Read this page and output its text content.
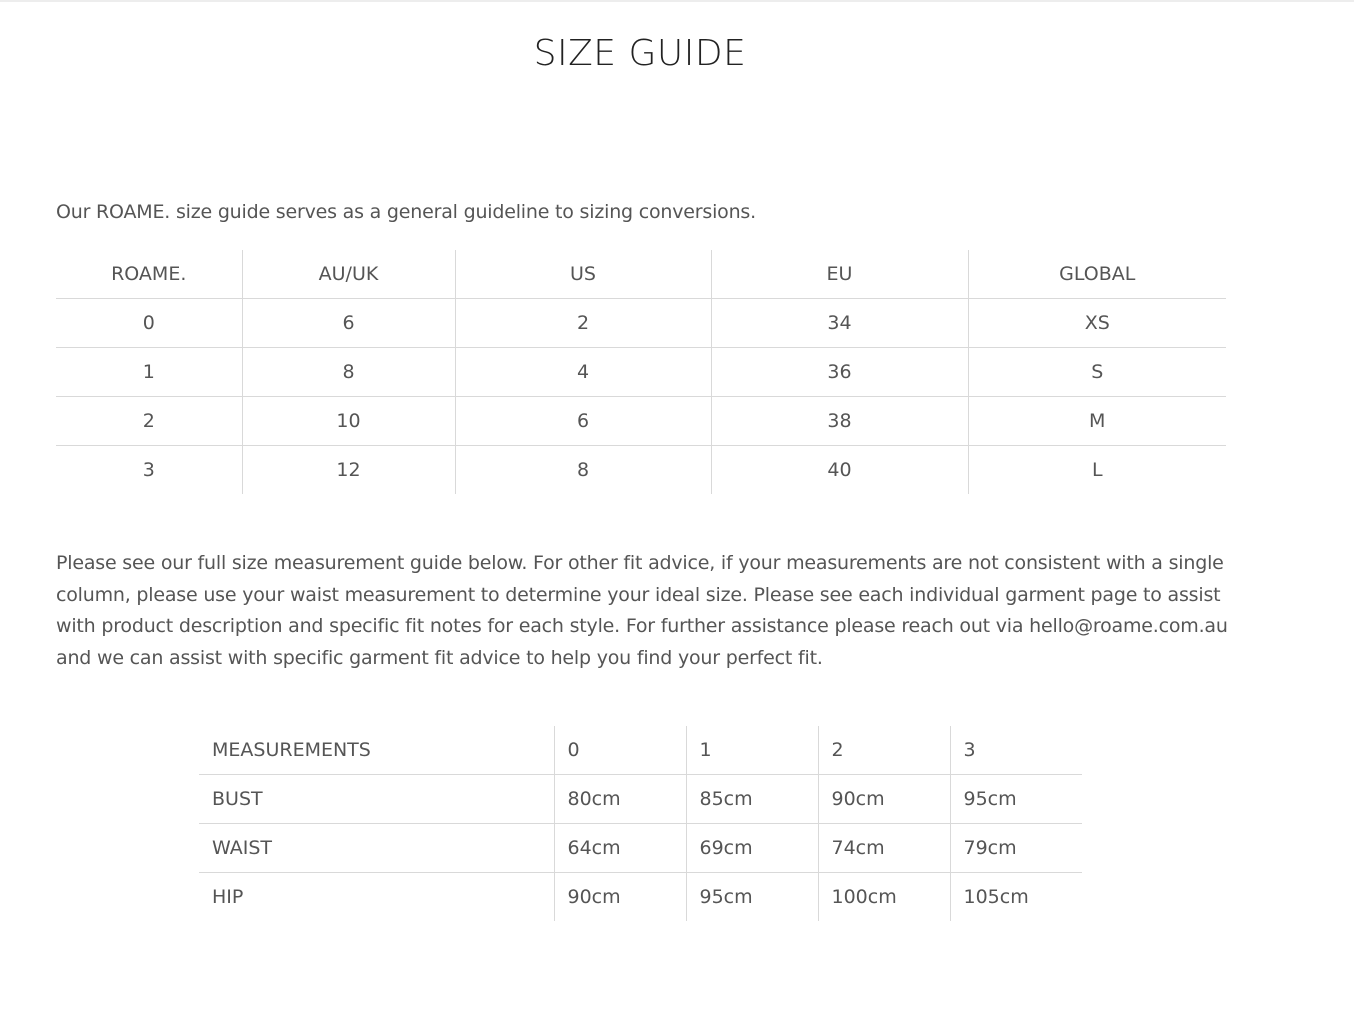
SIZE GUIDE

Our ROAME. size guide serves as a general guideline to sizing conversions.

ROAME.	AU/UK	US	EU	GLOBAL
0	6	2	34	XS
1	8	4	36	S
2	10	6	38	M
3	12	8	40	L

Please see our full size measurement guide below. For other fit advice, if your measurements are not consistent with a single column, please use your waist measurement to determine your ideal size. Please see each individual garment page to assist with product description and specific fit notes for each style. For further assistance please reach out via hello@roame.com.au and we can assist with specific garment fit advice to help you find your perfect fit.

MEASUREMENTS	0	1	2	3
BUST	80cm	85cm	90cm	95cm
WAIST	64cm	69cm	74cm	79cm
HIP	90cm	95cm	100cm	105cm
